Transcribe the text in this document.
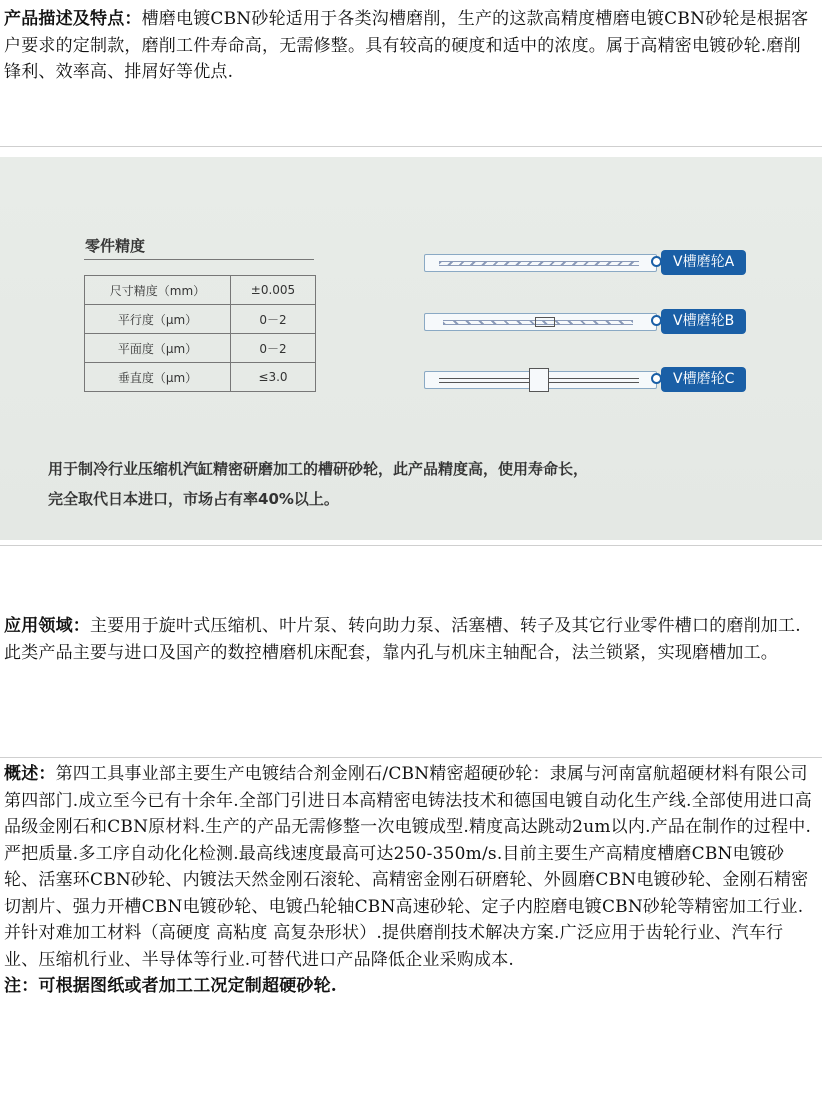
产品描述及特点：槽磨电镀CBN砂轮适用于各类沟槽磨削，生产的这款高精度槽磨电镀CBN砂轮是根据客户要求的定制款，磨削工件寿命高，无需修整。具有较高的硬度和适中的浓度。属于高精密电镀砂轮.磨削锋利、效率高、排屑好等优点.
零件精度
尺寸精度（mm）	±0.005
平行度（μm）	0－2
平面度（μm）	0－2
垂直度（μm）	≤3.0
V槽磨轮A
V槽磨轮B
V槽磨轮C
用于制冷行业压缩机汽缸精密研磨加工的槽研砂轮，此产品精度高，使用寿命长，
完全取代日本进口，市场占有率40%以上。
应用领域：主要用于旋叶式压缩机、叶片泵、转向助力泵、活塞槽、转子及其它行业零件槽口的磨削加工.此类产品主要与进口及国产的数控槽磨机床配套，靠内孔与机床主轴配合，法兰锁紧，实现磨槽加工。
概述：第四工具事业部主要生产电镀结合剂金刚石/CBN精密超硬砂轮：隶属与河南富航超硬材料有限公司第四部门.成立至今已有十余年.全部门引进日本高精密电铸法技术和德国电镀自动化生产线.全部使用进口高品级金刚石和CBN原材料.生产的产品无需修整一次电镀成型.精度高达跳动2um以内.产品在制作的过程中.严把质量.多工序自动化化检测.最高线速度最高可达250-350m/s.目前主要生产高精度槽磨CBN电镀砂轮、活塞环CBN砂轮、内镀法天然金刚石滚轮、高精密金刚石研磨轮、外圆磨CBN电镀砂轮、金刚石精密切割片、强力开槽CBN电镀砂轮、电镀凸轮轴CBN高速砂轮、定子内腔磨电镀CBN砂轮等精密加工行业.并针对难加工材料（高硬度 高粘度 高复杂形状）.提供磨削技术解决方案.广泛应用于齿轮行业、汽车行业、压缩机行业、半导体等行业.可替代进口产品降低企业采购成本.
注：可根据图纸或者加工工况定制超硬砂轮.
